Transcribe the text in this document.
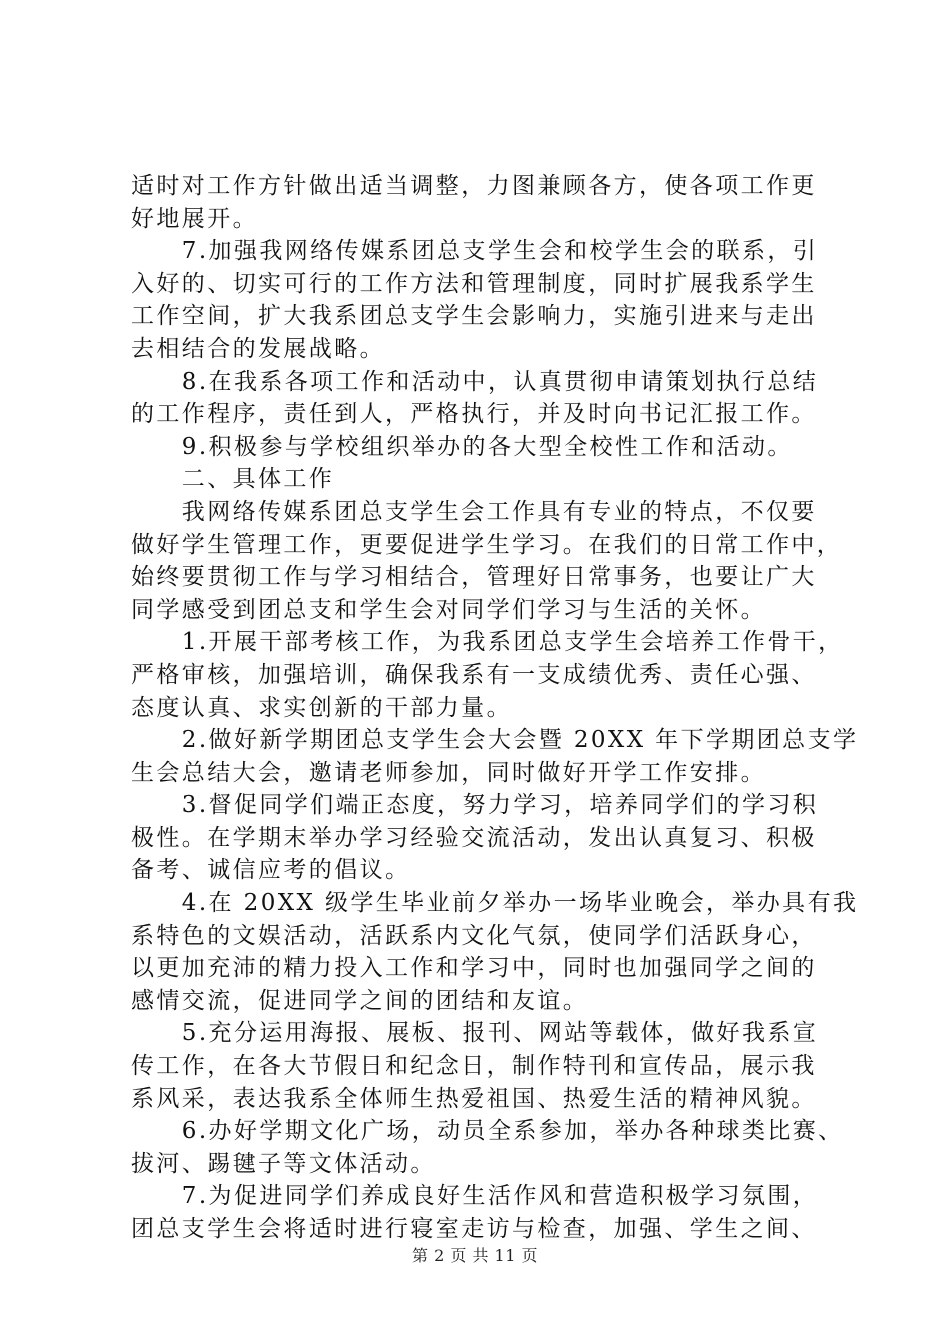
适时对工作方针做出适当调整，力图兼顾各方，使各项工作更
好地展开。
　　7.加强我网络传媒系团总支学生会和校学生会的联系，引
入好的、切实可行的工作方法和管理制度，同时扩展我系学生
工作空间，扩大我系团总支学生会影响力，实施引进来与走出
去相结合的发展战略。
　　8.在我系各项工作和活动中，认真贯彻申请策划执行总结
的工作程序，责任到人，严格执行，并及时向书记汇报工作。
　　9.积极参与学校组织举办的各大型全校性工作和活动。
　　二、具体工作
　　我网络传媒系团总支学生会工作具有专业的特点，不仅要
做好学生管理工作，更要促进学生学习。在我们的日常工作中，
始终要贯彻工作与学习相结合，管理好日常事务，也要让广大
同学感受到团总支和学生会对同学们学习与生活的关怀。
　　1.开展干部考核工作，为我系团总支学生会培养工作骨干，
严格审核，加强培训，确保我系有一支成绩优秀、责任心强、
态度认真、求实创新的干部力量。
　　2.做好新学期团总支学生会大会暨 20XX 年下学期团总支学
生会总结大会，邀请老师参加，同时做好开学工作安排。
　　3.督促同学们端正态度，努力学习，培养同学们的学习积
极性。在学期末举办学习经验交流活动，发出认真复习、积极
备考、诚信应考的倡议。
　　4.在 20XX 级学生毕业前夕举办一场毕业晚会，举办具有我
系特色的文娱活动，活跃系内文化气氛，使同学们活跃身心，
以更加充沛的精力投入工作和学习中，同时也加强同学之间的
感情交流，促进同学之间的团结和友谊。
　　5.充分运用海报、展板、报刊、网站等载体，做好我系宣
传工作，在各大节假日和纪念日，制作特刊和宣传品，展示我
系风采，表达我系全体师生热爱祖国、热爱生活的精神风貌。
　　6.办好学期文化广场，动员全系参加，举办各种球类比赛、
拔河、踢毽子等文体活动。
　　7.为促进同学们养成良好生活作风和营造积极学习氛围，
团总支学生会将适时进行寝室走访与检查，加强、学生之间、
第 2 页 共 11 页
